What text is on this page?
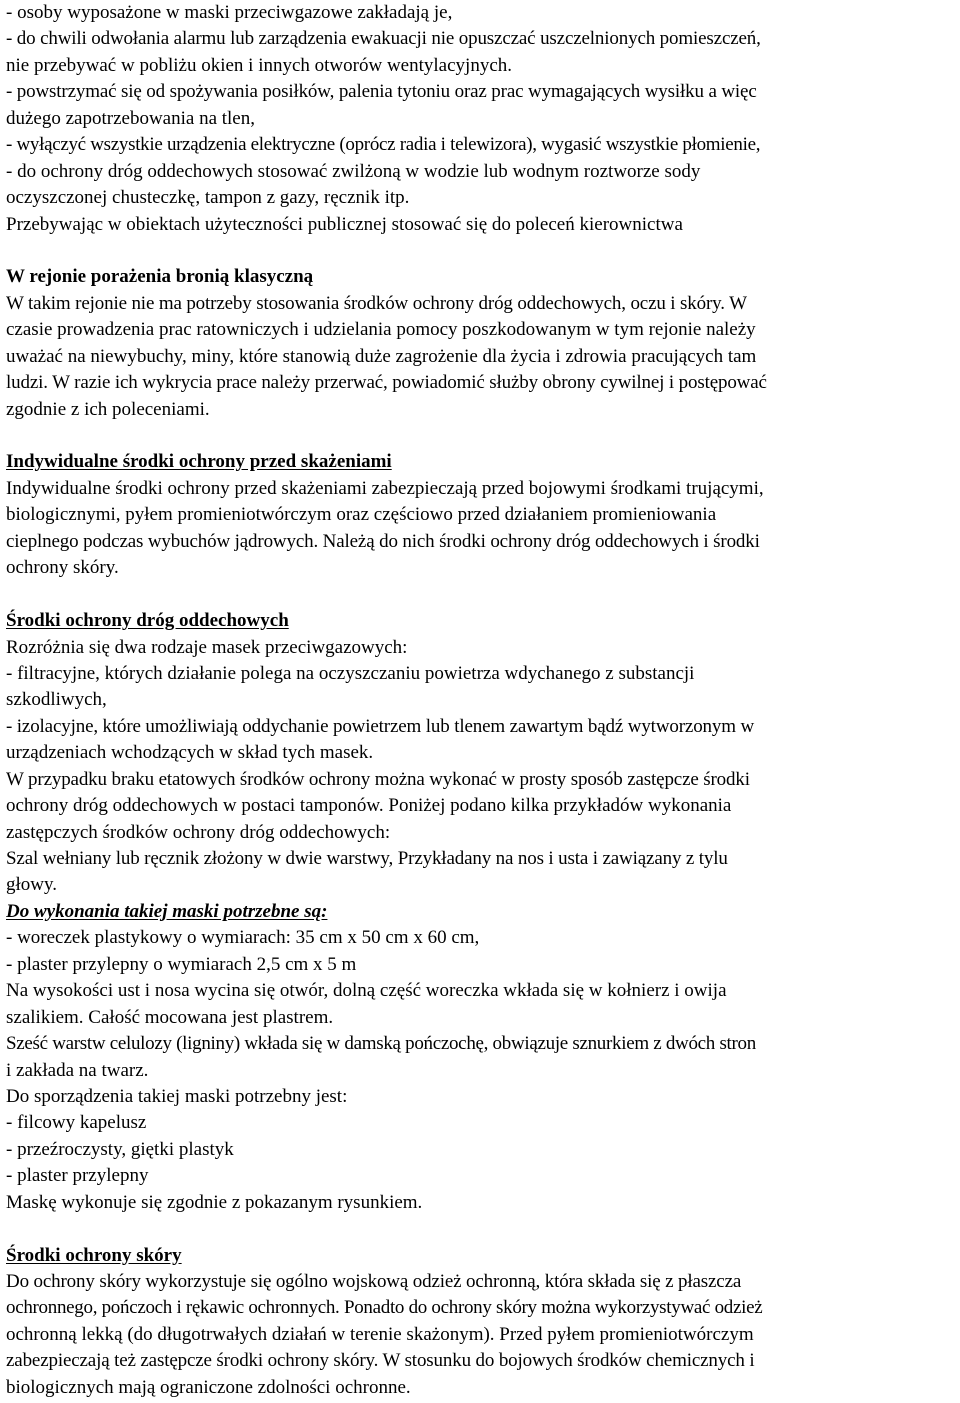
- osoby wyposażone w maski przeciwgazowe zakładają je,
- do chwili odwołania alarmu lub zarządzenia ewakuacji nie opuszczać uszczelnionych pomieszczeń,
nie przebywać w pobliżu okien i innych otworów wentylacyjnych.
- powstrzymać się od spożywania posiłków, palenia tytoniu oraz prac wymagających wysiłku a więc
dużego zapotrzebowania na tlen,
- wyłączyć wszystkie urządzenia elektryczne (oprócz radia i telewizora), wygasić wszystkie płomienie,
- do ochrony dróg oddechowych stosować zwilżoną w wodzie lub wodnym roztworze sody
oczyszczonej chusteczkę, tampon z gazy, ręcznik itp.
Przebywając w obiektach użyteczności publicznej stosować się do poleceń kierownictwa
W rejonie porażenia bronią klasyczną
W takim rejonie nie ma potrzeby stosowania środków ochrony dróg oddechowych, oczu i skóry. W
czasie prowadzenia prac ratowniczych i udzielania pomocy poszkodowanym w tym rejonie należy
uważać na niewybuchy, miny, które stanowią duże zagrożenie dla życia i zdrowia pracujących tam
ludzi. W razie ich wykrycia prace należy przerwać, powiadomić służby obrony cywilnej i postępować
zgodnie z ich poleceniami.
Indywidualne środki ochrony przed skażeniami
Indywidualne środki ochrony przed skażeniami zabezpieczają przed bojowymi środkami trującymi,
biologicznymi, pyłem promieniotwórczym oraz częściowo przed działaniem promieniowania
cieplnego podczas wybuchów jądrowych. Należą do nich środki ochrony dróg oddechowych i środki
ochrony skóry.
Środki ochrony dróg oddechowych
Rozróżnia się dwa rodzaje masek przeciwgazowych:
- filtracyjne, których działanie polega na oczyszczaniu powietrza wdychanego z substancji
szkodliwych,
- izolacyjne, które umożliwiają oddychanie powietrzem lub tlenem zawartym bądź wytworzonym w
urządzeniach wchodzących w skład tych masek.
W przypadku braku etatowych środków ochrony można wykonać w prosty sposób zastępcze środki
ochrony dróg oddechowych w postaci tamponów. Poniżej podano kilka przykładów wykonania
zastępczych środków ochrony dróg oddechowych:
Szal wełniany lub ręcznik złożony w dwie warstwy, Przykładany na nos i usta i zawiązany z tylu
głowy.
Do wykonania takiej maski potrzebne są:
- woreczek plastykowy o wymiarach: 35 cm x 50 cm x 60 cm,
- plaster przylepny o wymiarach 2,5 cm x 5 m
Na wysokości ust i nosa wycina się otwór, dolną część woreczka wkłada się w kołnierz i owija
szalikiem. Całość mocowana jest plastrem.
Sześć warstw celulozy (ligniny) wkłada się w damską pończochę, obwiązuje sznurkiem z dwóch stron
i zakłada na twarz.
Do sporządzenia takiej maski potrzebny jest:
- filcowy kapelusz
- przeźroczysty, giętki plastyk
- plaster przylepny
Maskę wykonuje się zgodnie z pokazanym rysunkiem.
Środki ochrony skóry
Do ochrony skóry wykorzystuje się ogólno wojskową odzież ochronną, która składa się z płaszcza
ochronnego, pończoch i rękawic ochronnych. Ponadto do ochrony skóry można wykorzystywać odzież
ochronną lekką (do długotrwałych działań w terenie skażonym). Przed pyłem promieniotwórczym
zabezpieczają też zastępcze środki ochrony skóry. W stosunku do bojowych środków chemicznych i
biologicznych mają ograniczone zdolności ochronne.
